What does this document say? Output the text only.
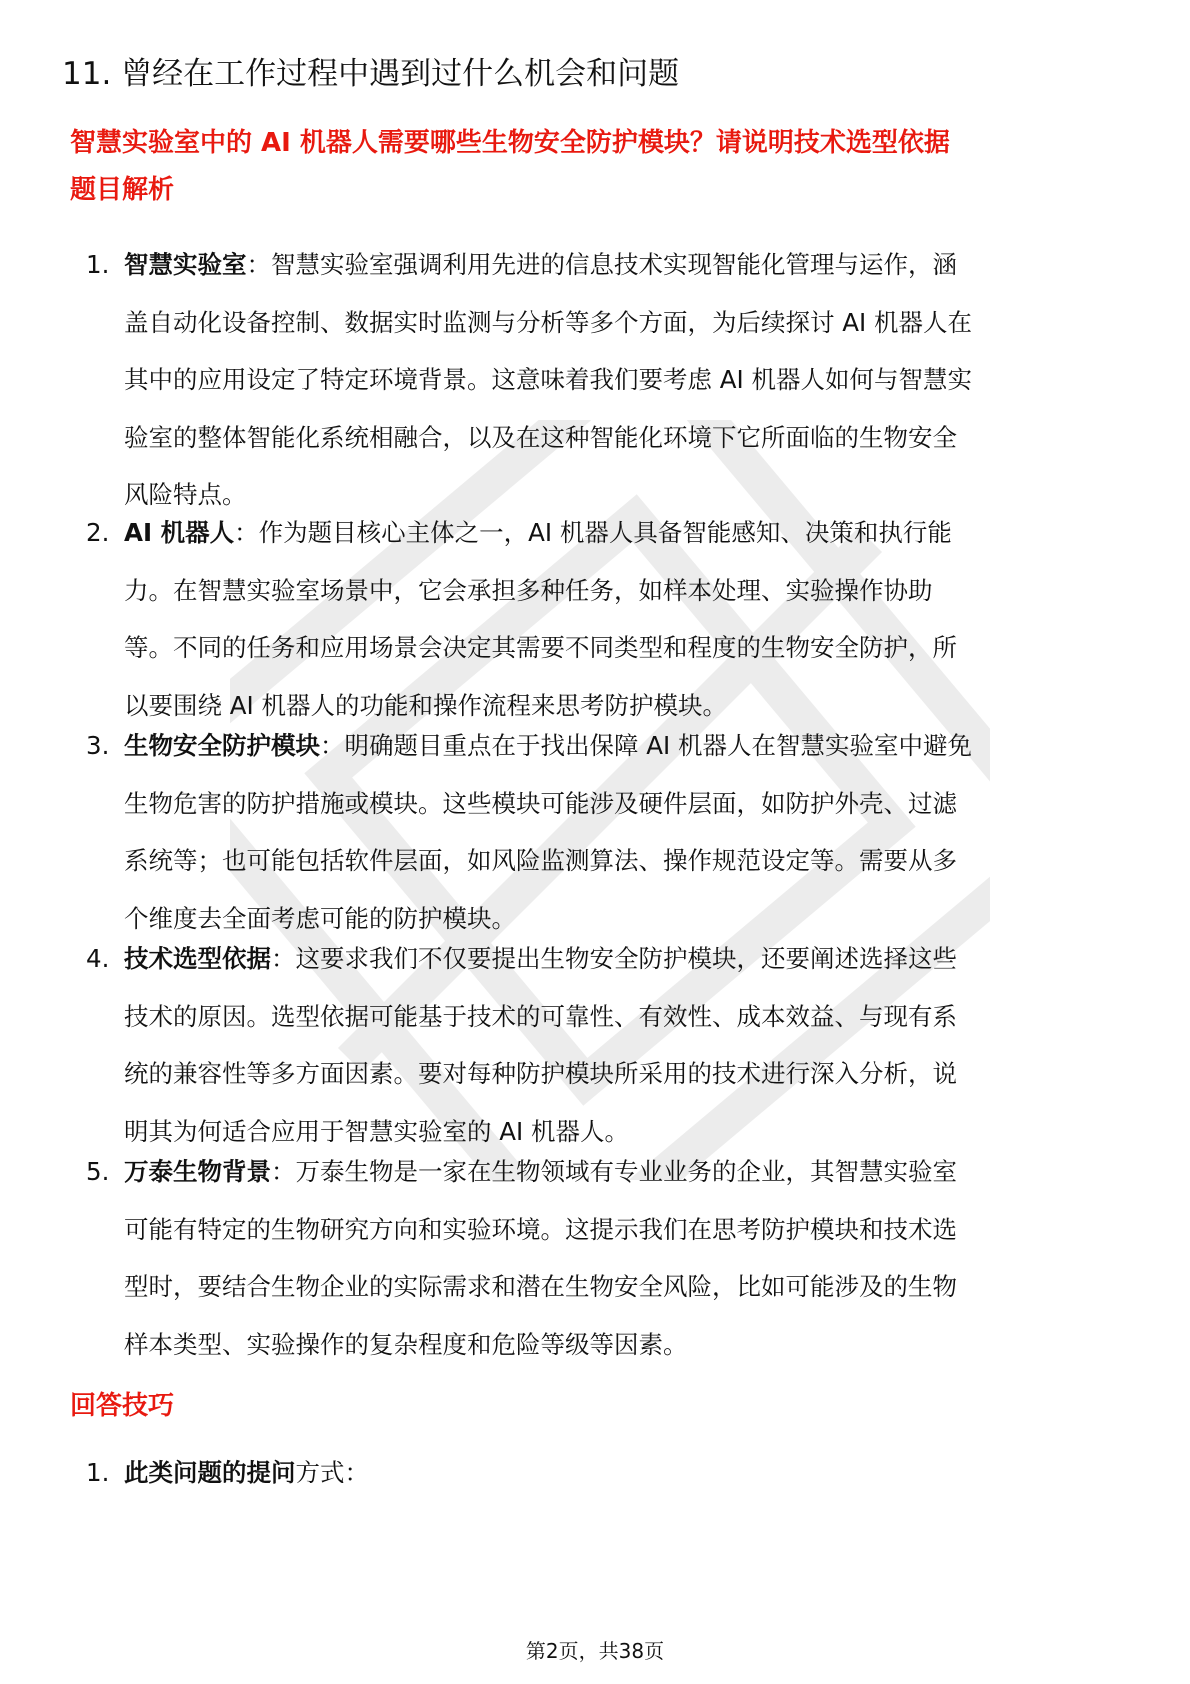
11. 曾经在工作过程中遇到过什么机会和问题
智慧实验室中的 AI 机器人需要哪些生物安全防护模块？请说明技术选型依据
题目解析
1. 智慧实验室：智慧实验室强调利用先进的信息技术实现智能化管理与运作，涵
盖自动化设备控制、数据实时监测与分析等多个方面，为后续探讨 AI 机器人在
其中的应用设定了特定环境背景。这意味着我们要考虑 AI 机器人如何与智慧实
验室的整体智能化系统相融合，以及在这种智能化环境下它所面临的生物安全
风险特点。
2. AI 机器人：作为题目核心主体之一，AI 机器人具备智能感知、决策和执行能
力。在智慧实验室场景中，它会承担多种任务，如样本处理、实验操作协助
等。不同的任务和应用场景会决定其需要不同类型和程度的生物安全防护，所
以要围绕 AI 机器人的功能和操作流程来思考防护模块。
3. 生物安全防护模块：明确题目重点在于找出保障 AI 机器人在智慧实验室中避免
生物危害的防护措施或模块。这些模块可能涉及硬件层面，如防护外壳、过滤
系统等；也可能包括软件层面，如风险监测算法、操作规范设定等。需要从多
个维度去全面考虑可能的防护模块。
4. 技术选型依据：这要求我们不仅要提出生物安全防护模块，还要阐述选择这些
技术的原因。选型依据可能基于技术的可靠性、有效性、成本效益、与现有系
统的兼容性等多方面因素。要对每种防护模块所采用的技术进行深入分析，说
明其为何适合应用于智慧实验室的 AI 机器人。
5. 万泰生物背景：万泰生物是一家在生物领域有专业业务的企业，其智慧实验室
可能有特定的生物研究方向和实验环境。这提示我们在思考防护模块和技术选
型时，要结合生物企业的实际需求和潜在生物安全风险，比如可能涉及的生物
样本类型、实验操作的复杂程度和危险等级等因素。
回答技巧
1. 此类问题的提问方式：
第2页，共38页
